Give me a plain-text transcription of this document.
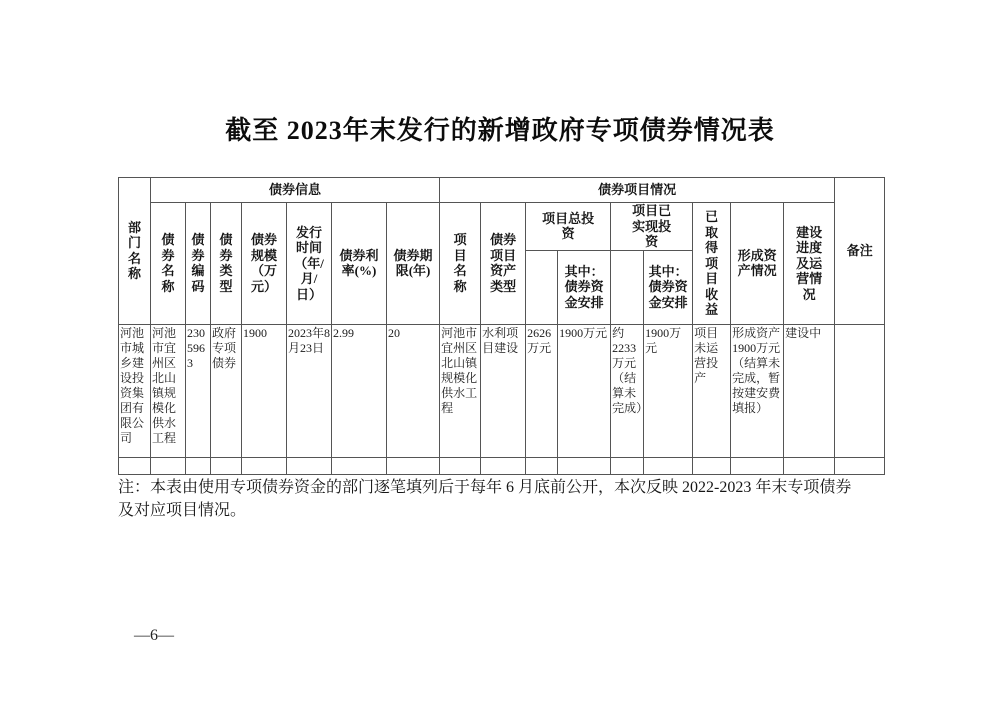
截至 2023年末发行的新增政府专项债券情况表
部门名称	债券信息							债券项目情况									备注
	债券名称	债券编码	债券类型	债券规模（万元）	发行时间（年/月/日）	债券利率(%)	债券期限(年)	项目名称	债券项目资产类型	项目总投资		项目已实现投资		已取得项目收益	形成资产情况	建设进度及运营情况	
											其中：债券资金安排		其中：债券资金安排				
河池市城乡建设投资集团有限公司	河池市宜州区北山镇规模化供水工程	2305963	政府专项债券	1900	2023年8月23日	2.99	20	河池市宜州区北山镇规模化供水工程	水利项目建设	2626万元	1900万元	约2233万元（结算未完成）	1900万元	项目未运营投产	形成资产1900万元（结算未完成，暂按建安费填报）	建设中	

注：本表由使用专项债券资金的部门逐笔填列后于每年 6 月底前公开，本次反映 2022-2023 年末专项债券及对应项目情况。
—6—
